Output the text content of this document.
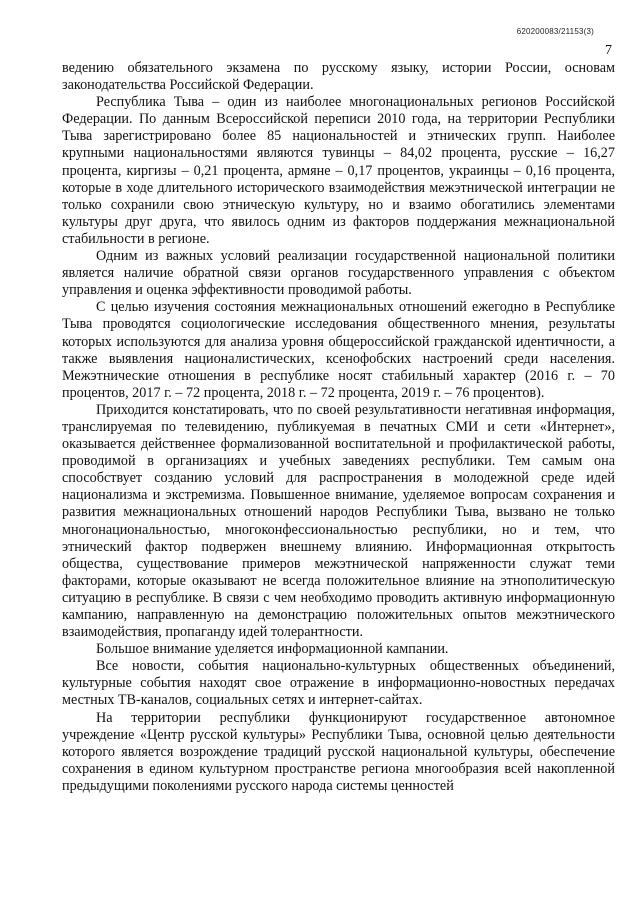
620200083/21153(3)
7

ведению обязательного экзамена по русскому языку, истории России, основам законодательства Российской Федерации.

Республика Тыва – один из наиболее многонациональных регионов Российской Федерации. По данным Всероссийской переписи 2010 года, на территории Республики Тыва зарегистрировано более 85 национальностей и этнических групп. Наиболее крупными национальностями являются тувинцы – 84,02 процента, русские – 16,27 процента, киргизы – 0,21 процента, армяне – 0,17 процентов, украинцы – 0,16 процента, которые в ходе длительного исторического взаимодействия межэтнической интеграции не только сохранили свою этническую культуру, но и взаимо обогатились элементами культуры друг друга, что явилось одним из факторов поддержания межнациональной стабильности в регионе.

Одним из важных условий реализации государственной национальной политики является наличие обратной связи органов государственного управления с объектом управления и оценка эффективности проводимой работы.

С целью изучения состояния межнациональных отношений ежегодно в Республике Тыва проводятся социологические исследования общественного мнения, результаты которых используются для анализа уровня общероссийской гражданской идентичности, а также выявления националистических, ксенофобских настроений среди населения. Межэтнические отношения в республике носят стабильный характер (2016 г. – 70 процентов, 2017 г. – 72 процента, 2018 г. – 72 процента, 2019 г. – 76 процентов).

Приходится констатировать, что по своей результативности негативная информация, транслируемая по телевидению, публикуемая в печатных СМИ и сети «Интернет», оказывается действеннее формализованной воспитательной и профилактической работы, проводимой в организациях и учебных заведениях республики. Тем самым она способствует созданию условий для распространения в молодежной среде идей национализма и экстремизма. Повышенное внимание, уделяемое вопросам сохранения и развития межнациональных отношений народов Республики Тыва, вызвано не только многонациональностью, многоконфессиональностью республики, но и тем, что этнический фактор подвержен внешнему влиянию. Информационная открытость общества, существование примеров межэтнической напряженности служат теми факторами, которые оказывают не всегда положительное влияние на этнополитическую ситуацию в республике. В связи с чем необходимо проводить активную информационную кампанию, направленную на демонстрацию положительных опытов межэтнического взаимодействия, пропаганду идей толерантности.

Большое внимание уделяется информационной кампании.

Все новости, события национально-культурных общественных объединений, культурные события находят свое отражение в информационно-новостных передачах местных ТВ-каналов, социальных сетях и интернет-сайтах.

На территории республики функционируют государственное автономное учреждение «Центр русской культуры» Республики Тыва, основной целью деятельности которого является возрождение традиций русской национальной культуры, обеспечение сохранения в едином культурном пространстве региона многообразия всей накопленной предыдущими поколениями русского народа системы ценностей
